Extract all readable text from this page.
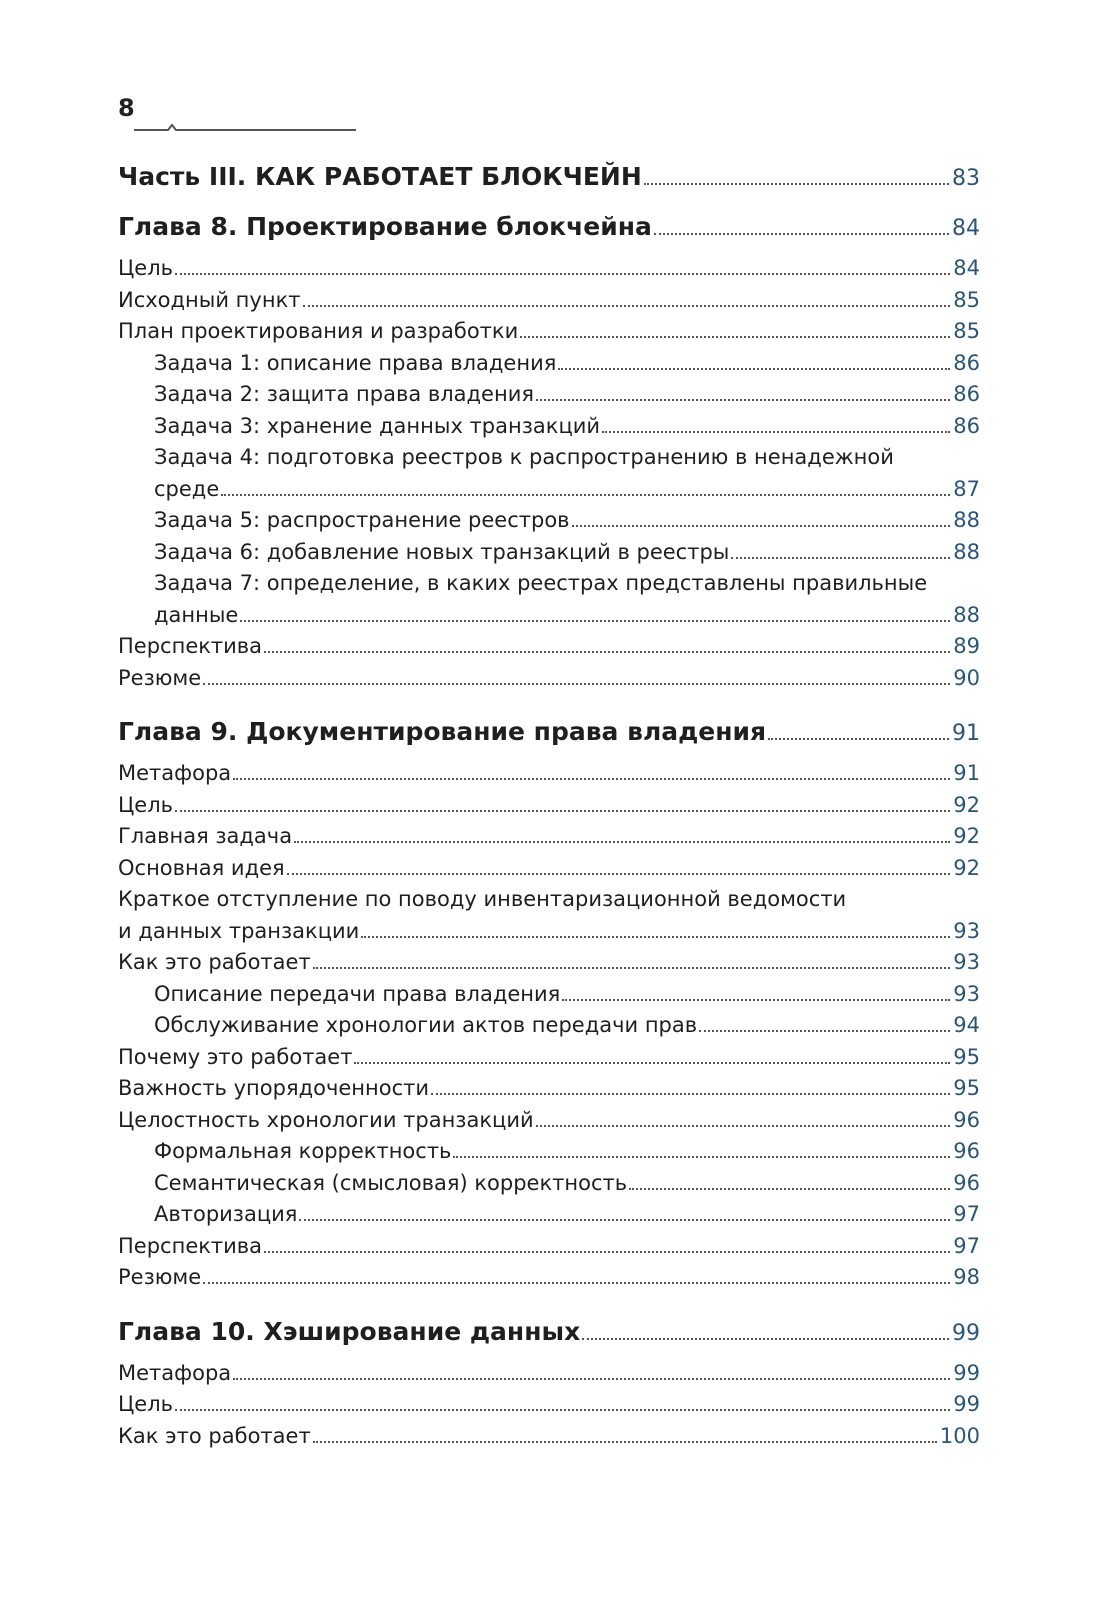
8
Часть III. КАК РАБОТАЕТ БЛОКЧЕЙН	83
Глава 8. Проектирование блокчейна	84
Цель	84
Исходный пункт	85
План проектирования и разработки	85
Задача 1: описание права владения	86
Задача 2: защита права владения	86
Задача 3: хранение данных транзакций	86
Задача 4: подготовка реестров к распространению в ненадежной
среде	87
Задача 5: распространение реестров	88
Задача 6: добавление новых транзакций в реестры	88
Задача 7: определение, в каких реестрах представлены правильные
данные	88
Перспектива	89
Резюме	90
Глава 9. Документирование права владения	91
Метафора	91
Цель	92
Главная задача	92
Основная идея	92
Краткое отступление по поводу инвентаризационной ведомости
и данных транзакции	93
Как это работает	93
Описание передачи права владения	93
Обслуживание хронологии актов передачи прав	94
Почему это работает	95
Важность упорядоченности	95
Целостность хронологии транзакций	96
Формальная корректность	96
Семантическая (смысловая) корректность	96
Авторизация	97
Перспектива	97
Резюме	98
Глава 10. Хэширование данных	99
Метафора	99
Цель	99
Как это работает	100
